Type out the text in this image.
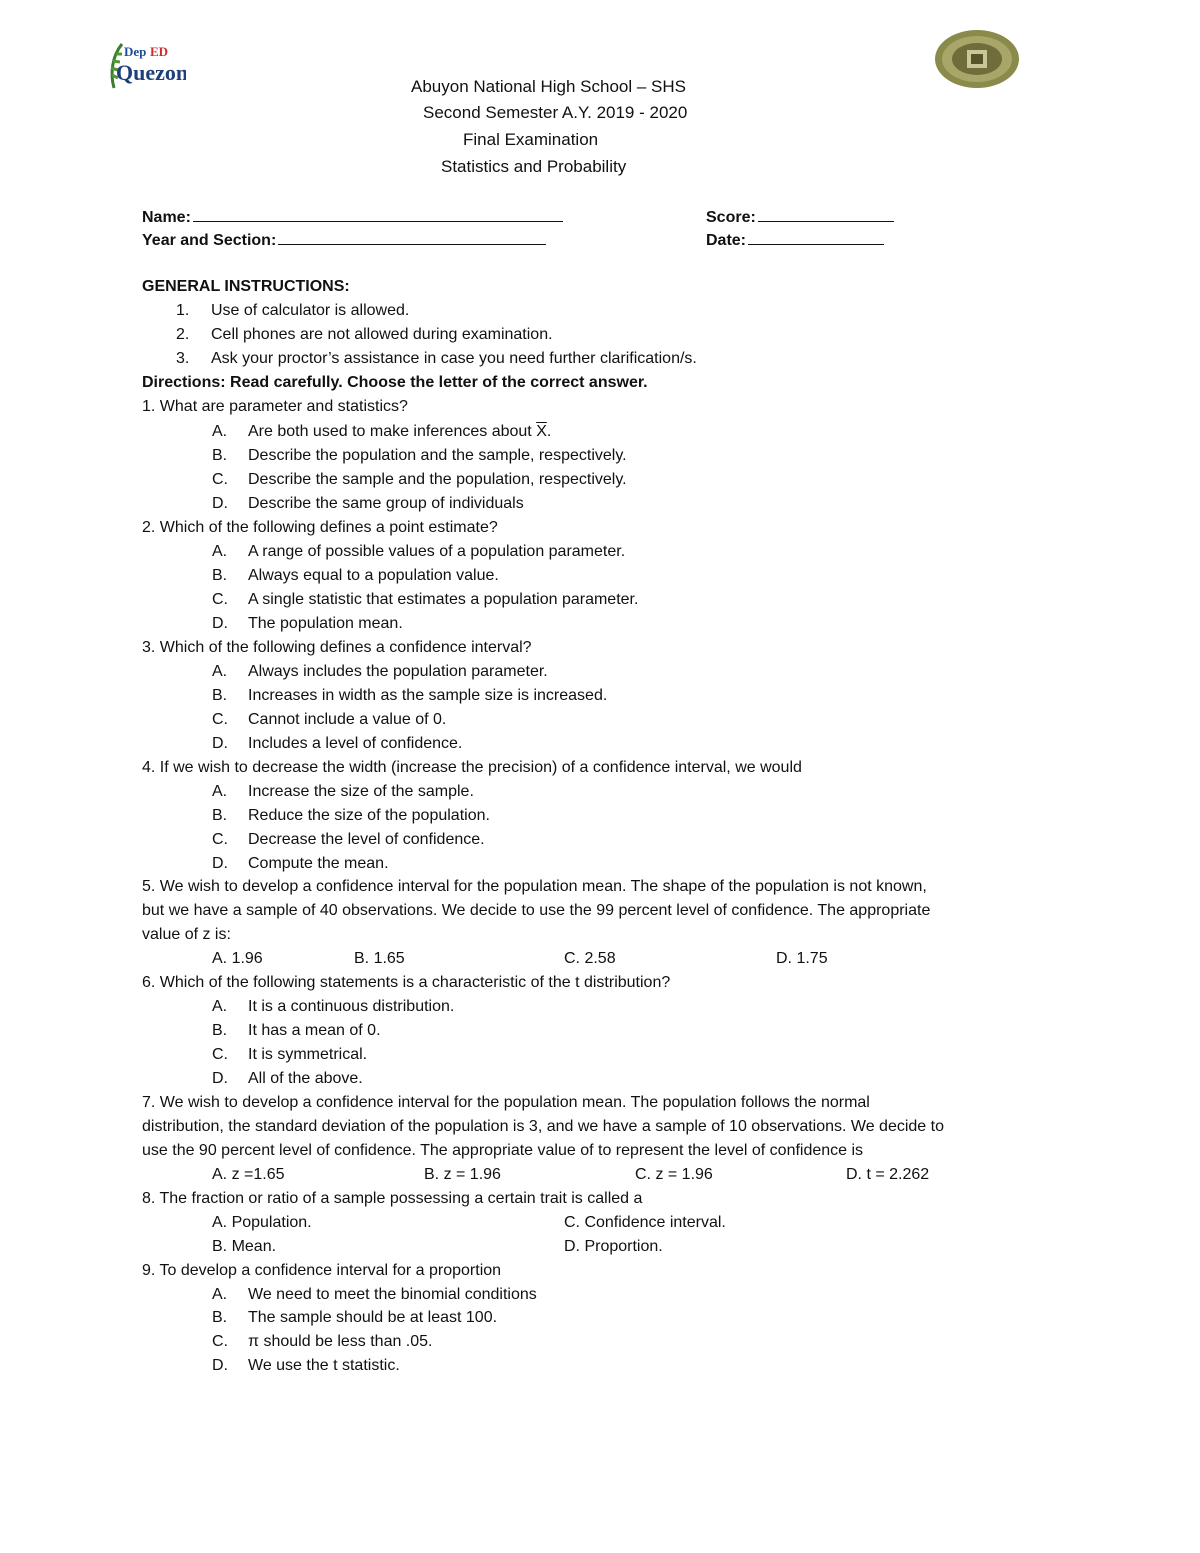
Dep ED
Quezon
Abuyon National High School – SHS
Second Semester A.Y. 2019 - 2020
Final Examination
Statistics and Probability
Name:	Score:
Year and Section:	Date:
GENERAL INSTRUCTIONS:
1. Use of calculator is allowed.
2. Cell phones are not allowed during examination.
3. Ask your proctor’s assistance in case you need further clarification/s.
Directions: Read carefully. Choose the letter of the correct answer.
1. What are parameter and statistics?
A. Are both used to make inferences about $\overline{X}$.
B. Describe the population and the sample, respectively.
C. Describe the sample and the population, respectively.
D. Describe the same group of individuals
2. Which of the following defines a point estimate?
A. A range of possible values of a population parameter.
B. Always equal to a population value.
C. A single statistic that estimates a population parameter.
D. The population mean.
3. Which of the following defines a confidence interval?
A. Always includes the population parameter.
B. Increases in width as the sample size is increased.
C. Cannot include a value of 0.
D. Includes a level of confidence.
4. If we wish to decrease the width (increase the precision) of a confidence interval, we would
A. Increase the size of the sample.
B. Reduce the size of the population.
C. Decrease the level of confidence.
D. Compute the mean.
5. We wish to develop a confidence interval for the population mean. The shape of the population is not known,
but we have a sample of 40 observations. We decide to use the 99 percent level of confidence. The appropriate
value of z is:
A. 1.96	B. 1.65	C. 2.58	D. 1.75
6. Which of the following statements is a characteristic of the t distribution?
A. It is a continuous distribution.
B. It has a mean of 0.
C. It is symmetrical.
D. All of the above.
7. We wish to develop a confidence interval for the population mean. The population follows the normal
distribution, the standard deviation of the population is 3, and we have a sample of 10 observations. We decide to
use the 90 percent level of confidence. The appropriate value of to represent the level of confidence is
A. z =1.65	B. z = 1.96	C. z = 1.96	D. t = 2.262
8. The fraction or ratio of a sample possessing a certain trait is called a
A. Population.	C. Confidence interval.
B. Mean.	D. Proportion.
9. To develop a confidence interval for a proportion
A. We need to meet the binomial conditions
B. The sample should be at least 100.
C. π should be less than .05.
D. We use the t statistic.
